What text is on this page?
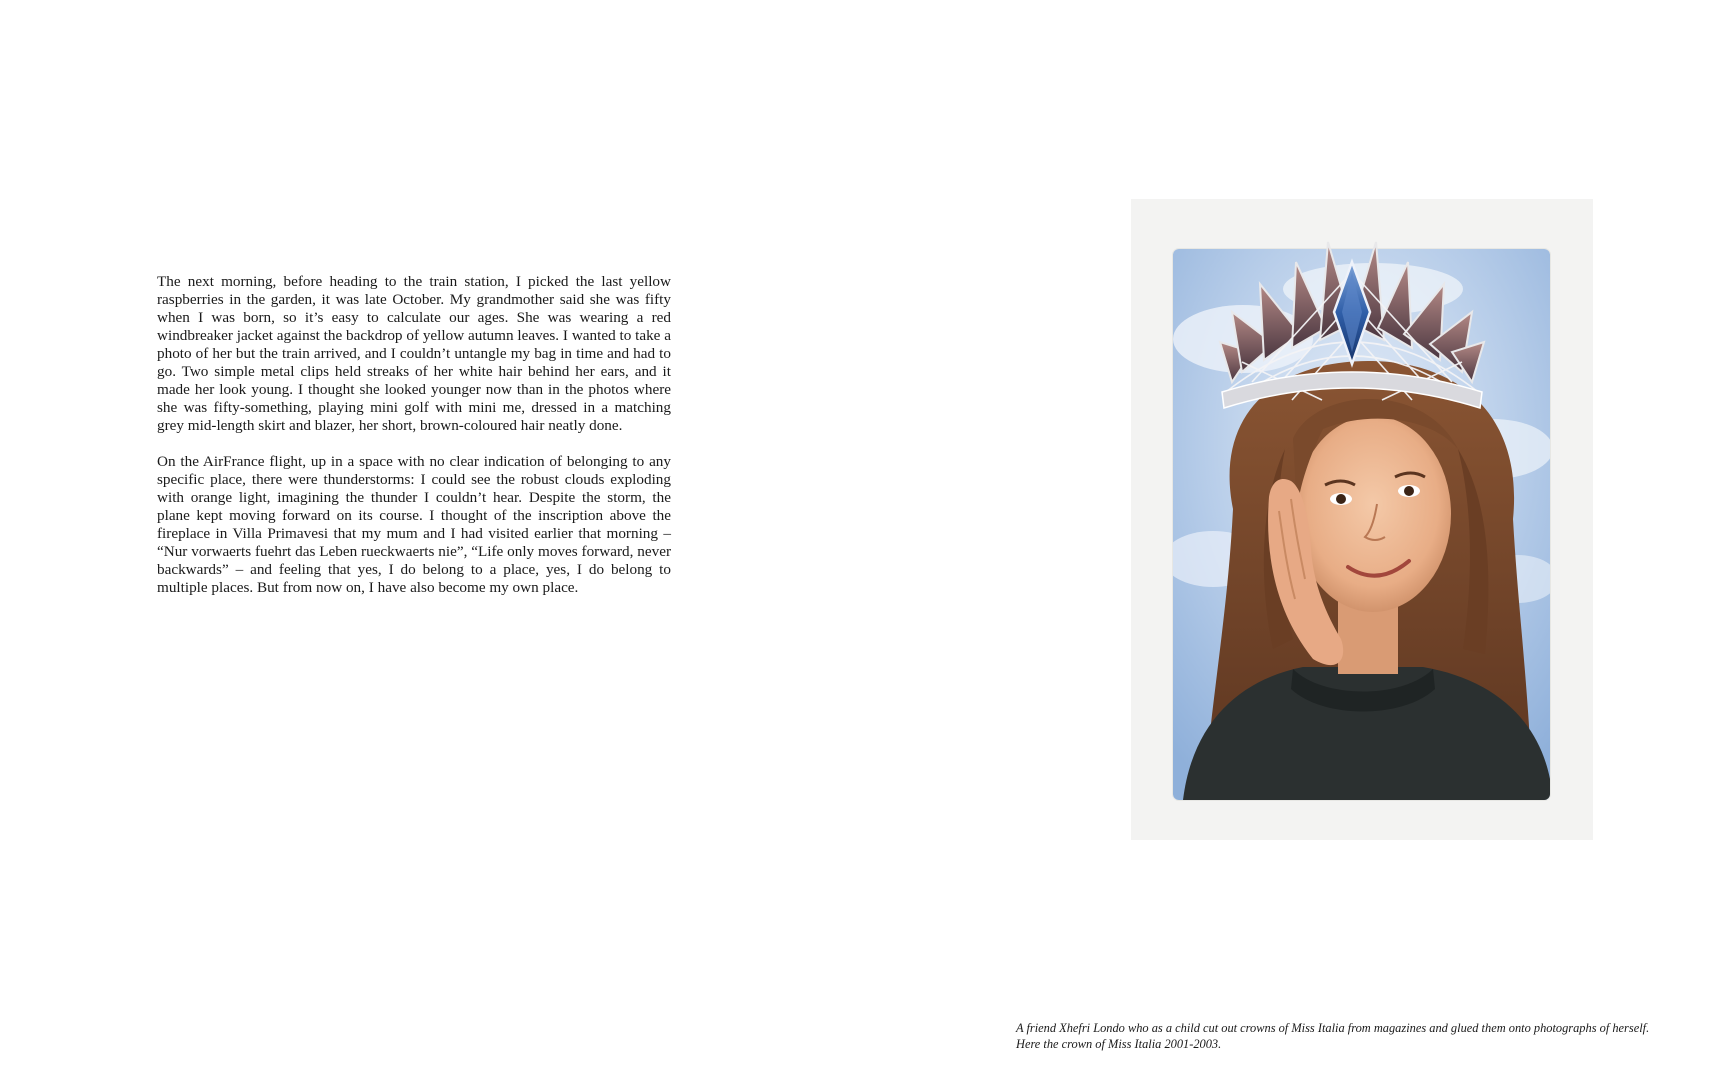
The next morning, before heading to the train station, I picked the last yellow raspberries in the garden, it was late October. My grandmother said she was fifty when I was born, so it’s easy to calculate our ages. She was wearing a red windbreaker jacket against the backdrop of yellow autumn leaves. I wanted to take a photo of her but the train arrived, and I couldn’t untangle my bag in time and had to go. Two simple metal clips held streaks of her white hair behind her ears, and it made her look young. I thought she looked younger now than in the photos where she was fifty-something, playing mini golf with mini me, dressed in a matching grey mid-length skirt and blazer, her short, brown-coloured hair neatly done.

On the AirFrance flight, up in a space with no clear indication of belonging to any specific place, there were thunderstorms: I could see the robust clouds exploding with orange light, imagining the thunder I couldn’t hear. Despite the storm, the plane kept moving forward on its course. I thought of the inscription above the fireplace in Villa Primavesi that my mum and I had visited earlier that morning – “Nur vorwaerts fuehrt das Leben rueckwaerts nie”, “Life only moves forward, never backwards” – and feeling that yes, I do belong to a place, yes, I do belong to multiple places. But from now on, I have also become my own place.

A friend Xhefri Londo who as a child cut out crowns of Miss Italia from magazines and glued them onto photographs of herself.
Here the crown of Miss Italia 2001-2003.
